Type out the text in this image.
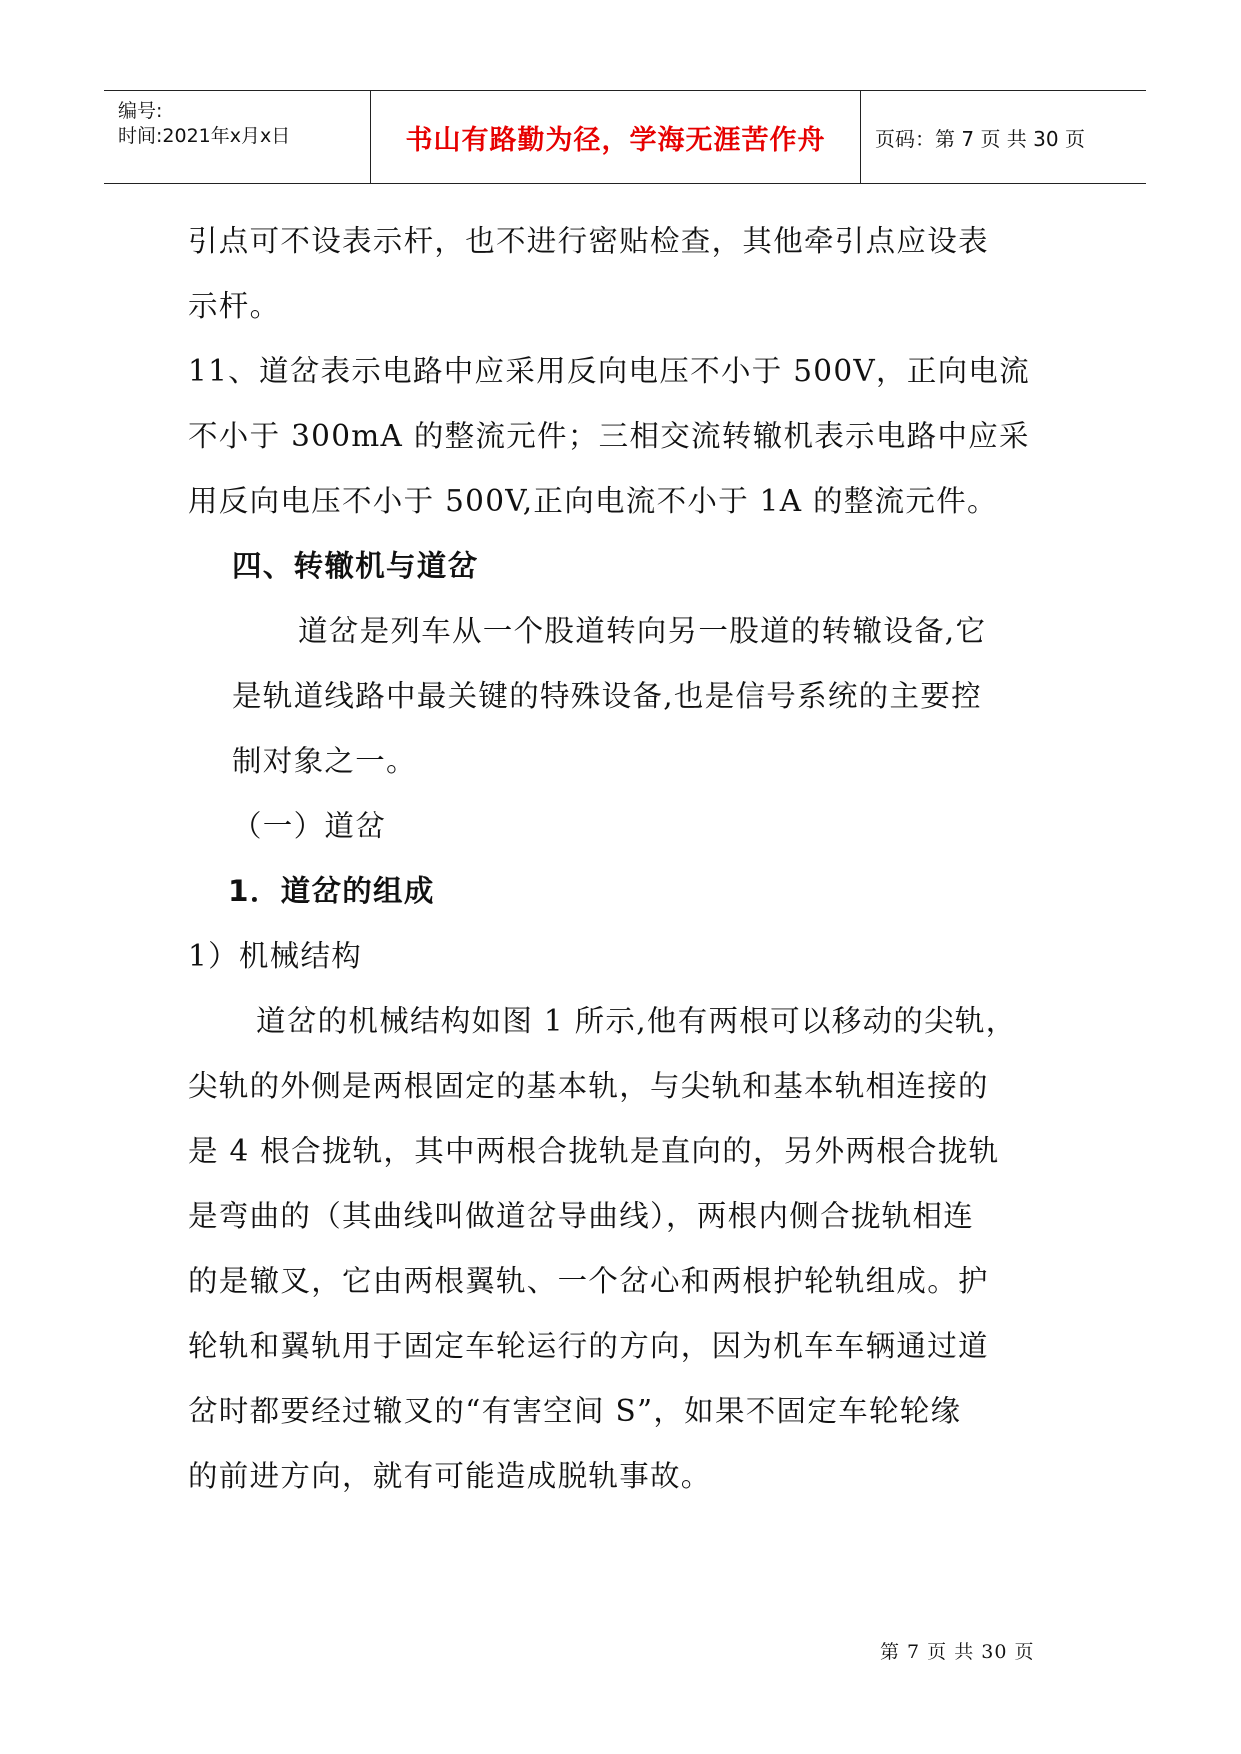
编号:
时间:2021年x月x日	书山有路勤为径，学海无涯苦作舟 页码：第 7 页 共 30 页
引点可不设表示杆，也不进行密贴检查，其他牵引点应设表
示杆。
11、道岔表示电路中应采用反向电压不小于 500V，正向电流
不小于 300mA 的整流元件；三相交流转辙机表示电路中应采
用反向电压不小于 500V,正向电流不小于 1A 的整流元件。
四、转辙机与道岔
道岔是列车从一个股道转向另一股道的转辙设备,它
是轨道线路中最关键的特殊设备,也是信号系统的主要控
制对象之一。
（一）道岔
1．道岔的组成
1）机械结构
道岔的机械结构如图 1 所示,他有两根可以移动的尖轨，
尖轨的外侧是两根固定的基本轨，与尖轨和基本轨相连接的
是 4 根合拢轨，其中两根合拢轨是直向的，另外两根合拢轨
是弯曲的（其曲线叫做道岔导曲线），两根内侧合拢轨相连
的是辙叉，它由两根翼轨、一个岔心和两根护轮轨组成。护
轮轨和翼轨用于固定车轮运行的方向，因为机车车辆通过道
岔时都要经过辙叉的“有害空间 S”，如果不固定车轮轮缘
的前进方向，就有可能造成脱轨事故。
第 7 页 共 30 页
